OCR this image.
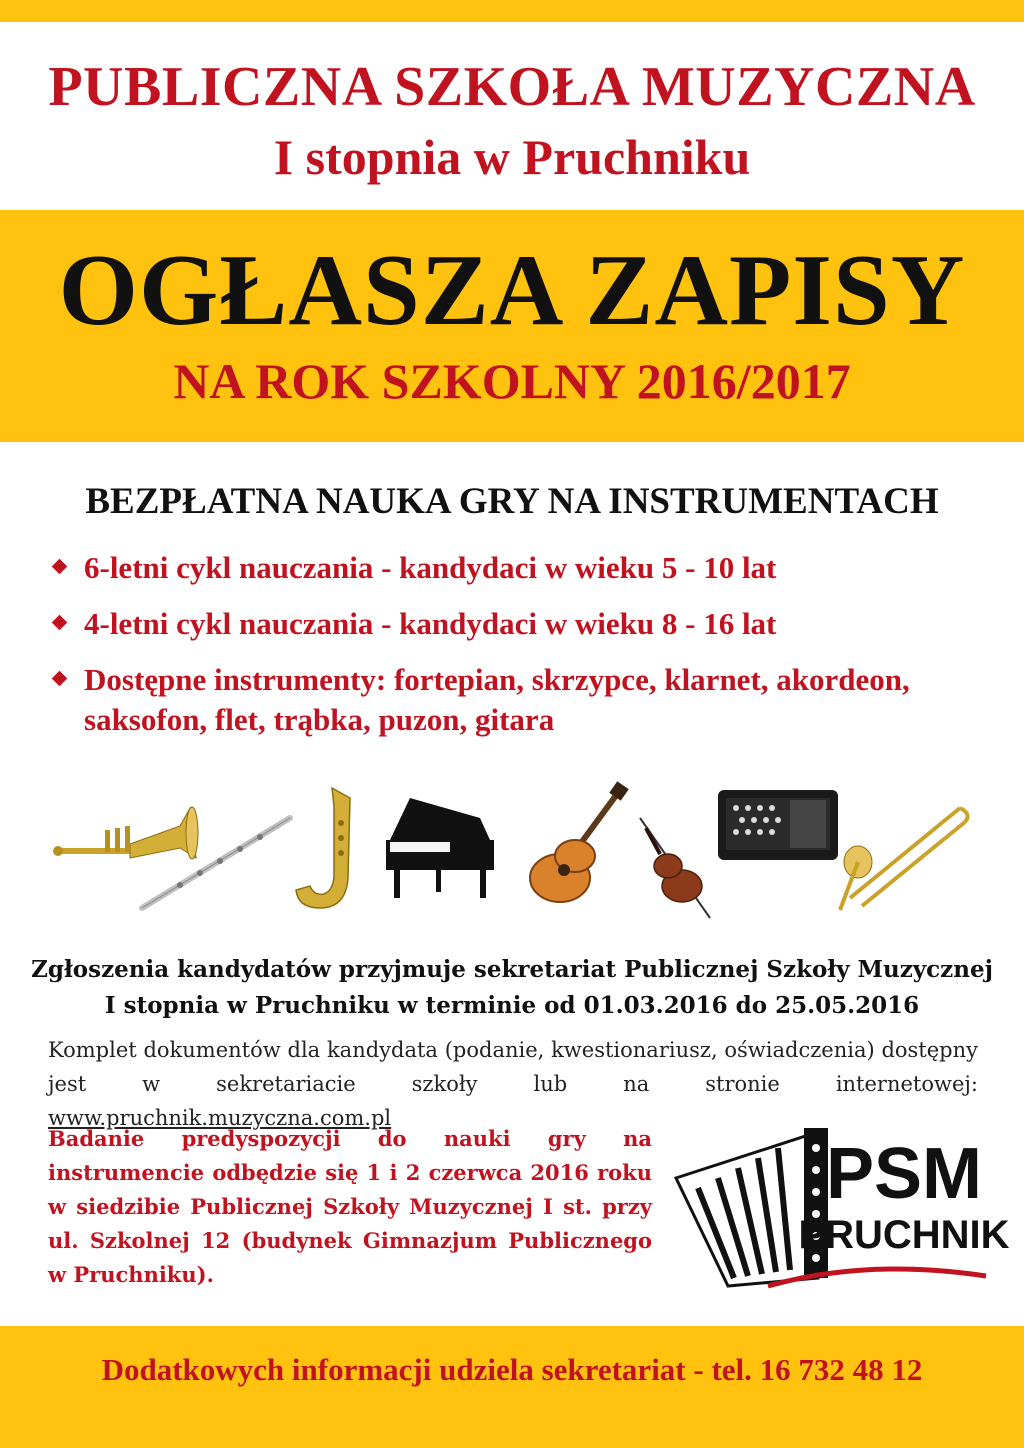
PUBLICZNA SZKOŁA MUZYCZNA
I stopnia w Pruchniku
OGŁASZA ZAPISY
NA ROK SZKOLNY 2016/2017
BEZPŁATNA NAUKA GRY NA INSTRUMENTACH
6-letni cykl nauczania - kandydaci w wieku 5 - 10 lat
4-letni cykl nauczania - kandydaci w wieku 8 - 16 lat
Dostępne instrumenty: fortepian, skrzypce, klarnet, akordeon, saksofon, flet, trąbka, puzon, gitara
Zgłoszenia kandydatów przyjmuje sekretariat Publicznej Szkoły Muzycznej I stopnia w Pruchniku w terminie od 01.03.2016 do 25.05.2016
Komplet dokumentów dla kandydata (podanie, kwestionariusz, oświadczenia) dostępny jest w sekretariacie szkoły lub na stronie internetowej: www.pruchnik.muzyczna.com.pl
Badanie predyspozycji do nauki gry na instrumencie odbędzie się 1 i 2 czerwca 2016 roku w siedzibie Publicznej Szkoły Muzycznej I st. przy ul. Szkolnej 12 (budynek Gimnazjum Publicznego w Pruchniku).
PSM
PRUCHNIK
Dodatkowych informacji udziela sekretariat - tel. 16 732 48 12
